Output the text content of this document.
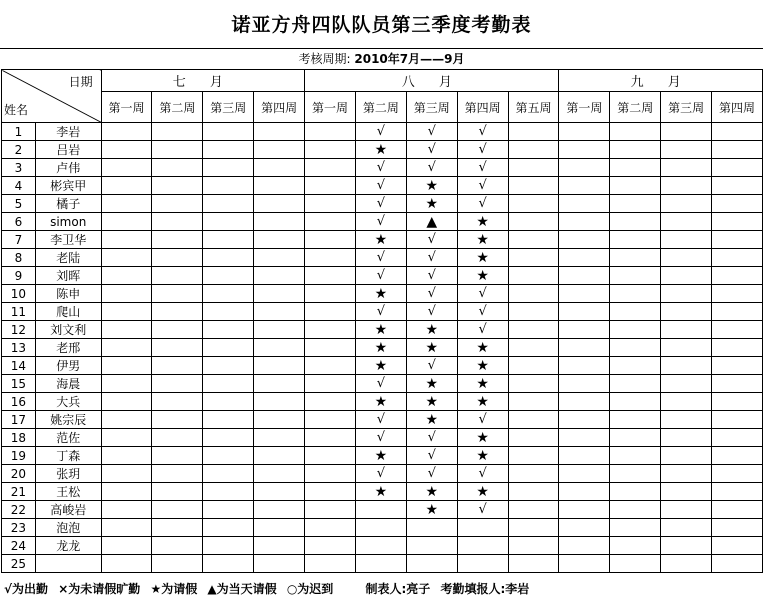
诺亚方舟四队队员第三季度考勤表
考核周期: 2010年7月——9月
日期
姓名		七 月				八 月					九 月			
		第一周	第二周	第三周	第四周	第一周	第二周	第三周	第四周	第五周	第一周	第二周	第三周	第四周
1	李岩						√	√	√					
2	吕岩						★	√	√					
3	卢伟						√	√	√					
4	彬宾甲						√	★	√					
5	橘子						√	★	√					
6	simon						√	▲	★					
7	李卫华						★	√	★					
8	老陆						√	√	★					
9	刘晖						√	√	★					
10	陈申						★	√	√					
11	爬山						√	√	√					
12	刘文利						★	★	√					
13	老邢						★	★	★					
14	伊男						★	√	★					
15	海晨						√	★	★					
16	大兵						★	★	★					
17	姚宗辰						√	★	√					
18	范佐						√	√	★					
19	丁森						★	√	★					
20	张玥						√	√	√					
21	王松						★	★	★					
22	高峻岩							★	√					
23	泡泡													
24	龙龙													
25														
√为出勤 ×为未请假旷勤 ★为请假 ▲为当天请假 ○为迟到	制表人:亮子 考勤填报人:李岩
